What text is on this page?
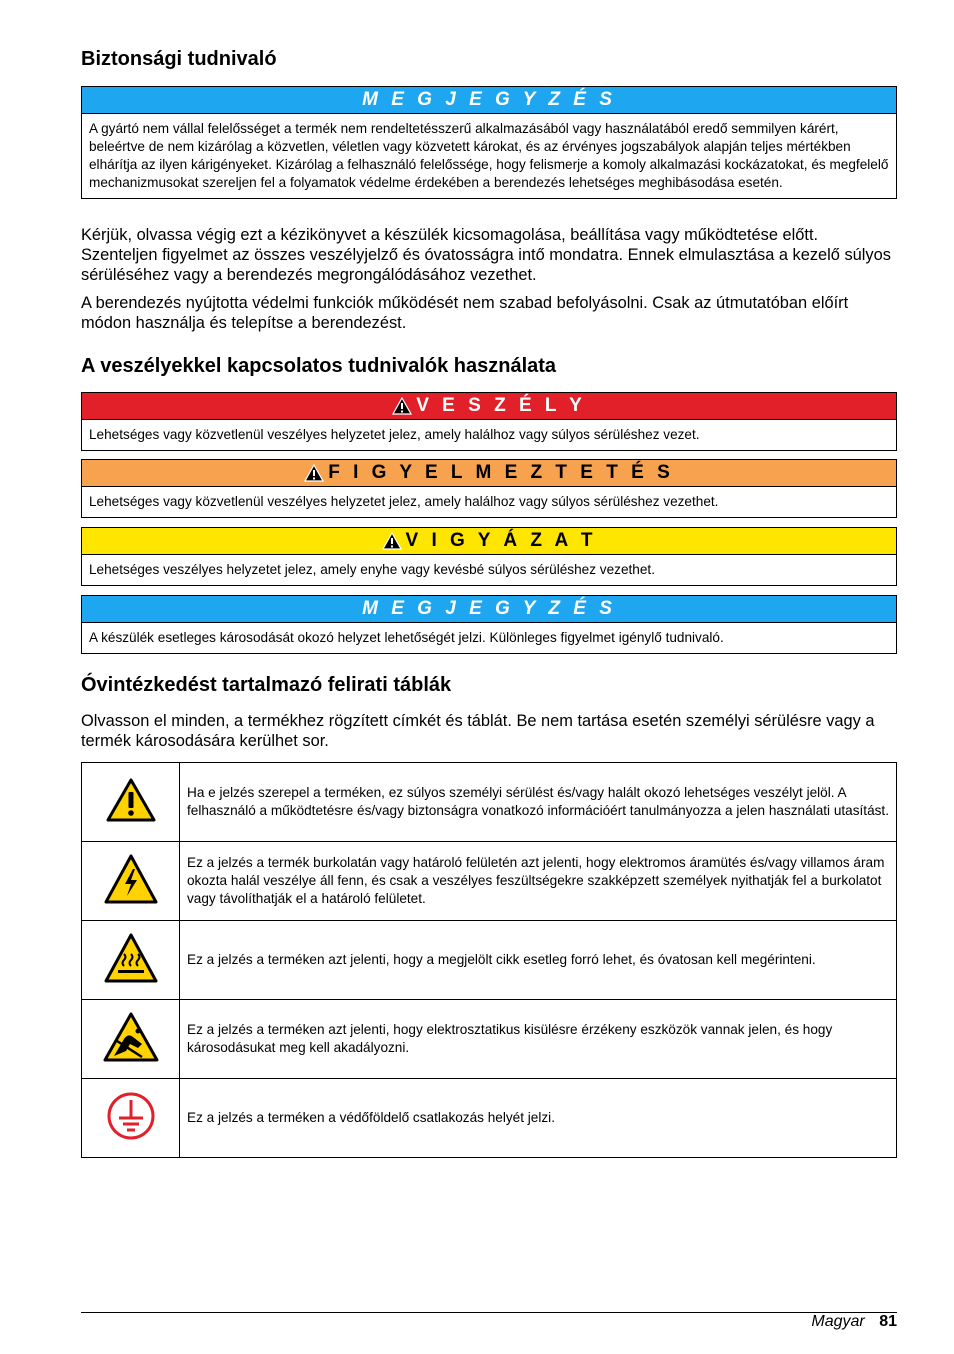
Biztonsági tudnivaló
M E G J E G Y Z É S
A gyártó nem vállal felelősséget a termék nem rendeltetésszerű alkalmazásából vagy használatából eredő semmilyen kárért, beleértve de nem kizárólag a közvetlen, véletlen vagy közvetett károkat, és az érvényes jogszabályok alapján teljes mértékben elhárítja az ilyen kárigényeket. Kizárólag a felhasználó felelőssége, hogy felismerje a komoly alkalmazási kockázatokat, és megfelelő mechanizmusokat szereljen fel a folyamatok védelme érdekében a berendezés lehetséges meghibásodása esetén.

Kérjük, olvassa végig ezt a kézikönyvet a készülék kicsomagolása, beállítása vagy működtetése előtt. Szenteljen figyelmet az összes veszélyjelző és óvatosságra intő mondatra. Ennek elmulasztása a kezelő súlyos sérüléséhez vagy a berendezés megrongálódásához vezethet.

A berendezés nyújtotta védelmi funkciók működését nem szabad befolyásolni. Csak az útmutatóban előírt módon használja és telepítse a berendezést.

A veszélyekkel kapcsolatos tudnivalók használata
V E S Z É L Y
Lehetséges vagy közvetlenül veszélyes helyzetet jelez, amely halálhoz vagy súlyos sérüléshez vezet.
F I G Y E L M E Z T E T É S
Lehetséges vagy közvetlenül veszélyes helyzetet jelez, amely halálhoz vagy súlyos sérüléshez vezethet.
V I G Y Á Z A T
Lehetséges veszélyes helyzetet jelez, amely enyhe vagy kevésbé súlyos sérüléshez vezethet.
M E G J E G Y Z É S
A készülék esetleges károsodását okozó helyzet lehetőségét jelzi. Különleges figyelmet igénylő tudnivaló.
Óvintézkedést tartalmazó felirati táblák

Olvasson el minden, a termékhez rögzített címkét és táblát. Be nem tartása esetén személyi sérülésre vagy a termék károsodására kerülhet sor.

	Ha e jelzés szerepel a terméken, ez súlyos személyi sérülést és/vagy halált okozó lehetséges veszélyt jelöl. A felhasználó a működtetésre és/vagy biztonságra vonatkozó információért tanulmányozza a jelen használati utasítást.
	Ez a jelzés a termék burkolatán vagy határoló felületén azt jelenti, hogy elektromos áramütés és/vagy villamos áram okozta halál veszélye áll fenn, és csak a veszélyes feszültségekre szakképzett személyek nyithatják fel a burkolatot vagy távolíthatják el a határoló felületet.
	Ez a jelzés a terméken azt jelenti, hogy a megjelölt cikk esetleg forró lehet, és óvatosan kell megérinteni.
	Ez a jelzés a terméken azt jelenti, hogy elektrosztatikus kisülésre érzékeny eszközök vannak jelen, és hogy károsodásukat meg kell akadályozni.
	Ez a jelzés a terméken a védőföldelő csatlakozás helyét jelzi.
Magyar 81
